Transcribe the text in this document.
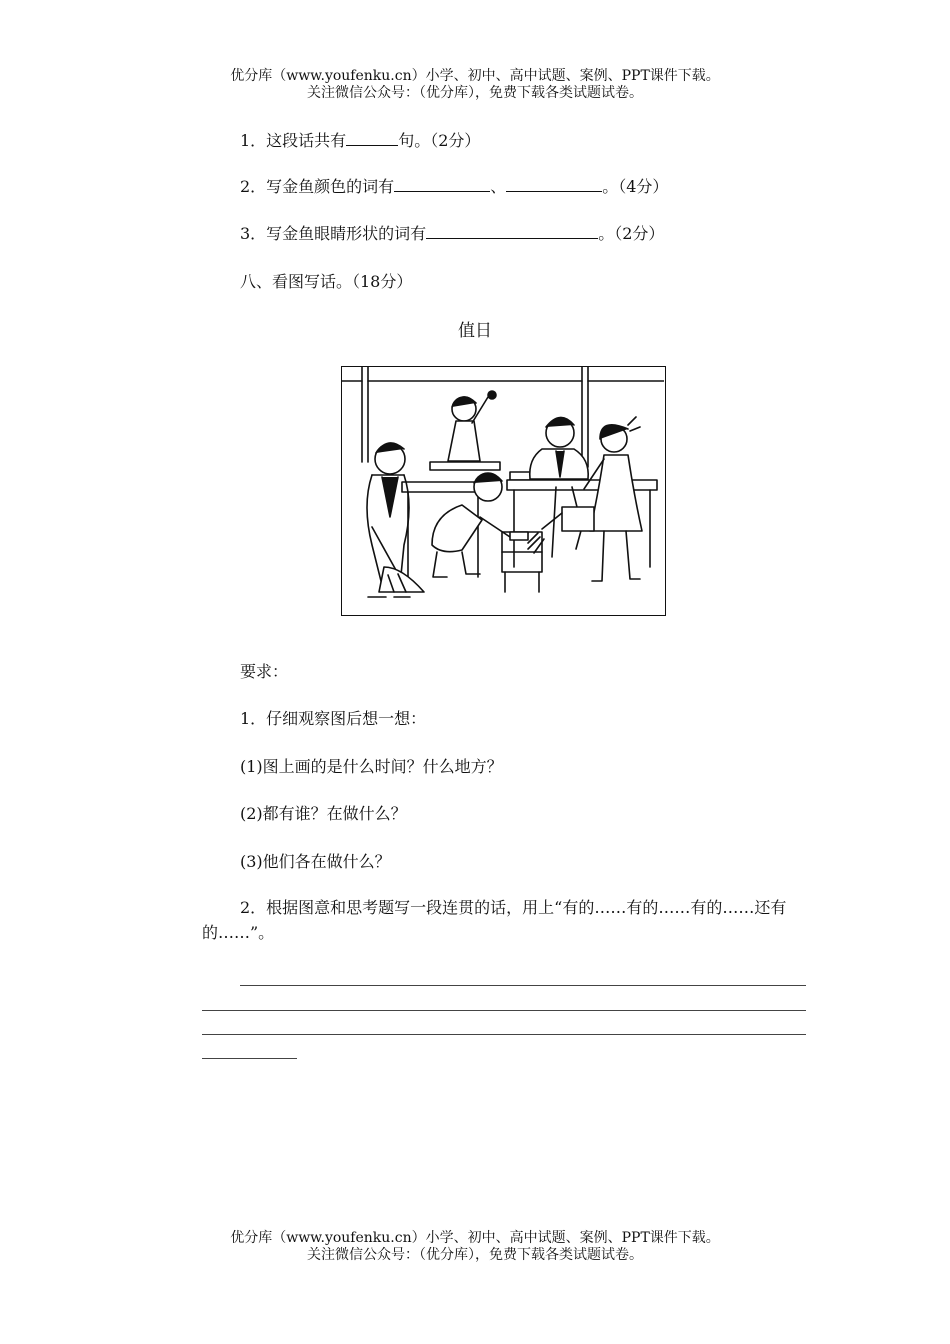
优分库（www.youfenku.cn）小学、初中、高中试题、案例、PPT课件下载。
关注微信公众号：（优分库），免费下载各类试题试卷。
1．这段话共有	句。（2分）
2．写金鱼颜色的词有	、	。（4分）
3．写金鱼眼睛形状的词有	。（2分）
八、看图写话。（18分）
值日
要求：
1．仔细观察图后想一想：
(1)图上画的是什么时间？什么地方？
(2)都有谁？在做什么？
(3)他们各在做什么？
2．根据图意和思考题写一段连贯的话，用上“有的……有的……有的……还有的……”。
优分库（www.youfenku.cn）小学、初中、高中试题、案例、PPT课件下载。
关注微信公众号：（优分库），免费下载各类试题试卷。
